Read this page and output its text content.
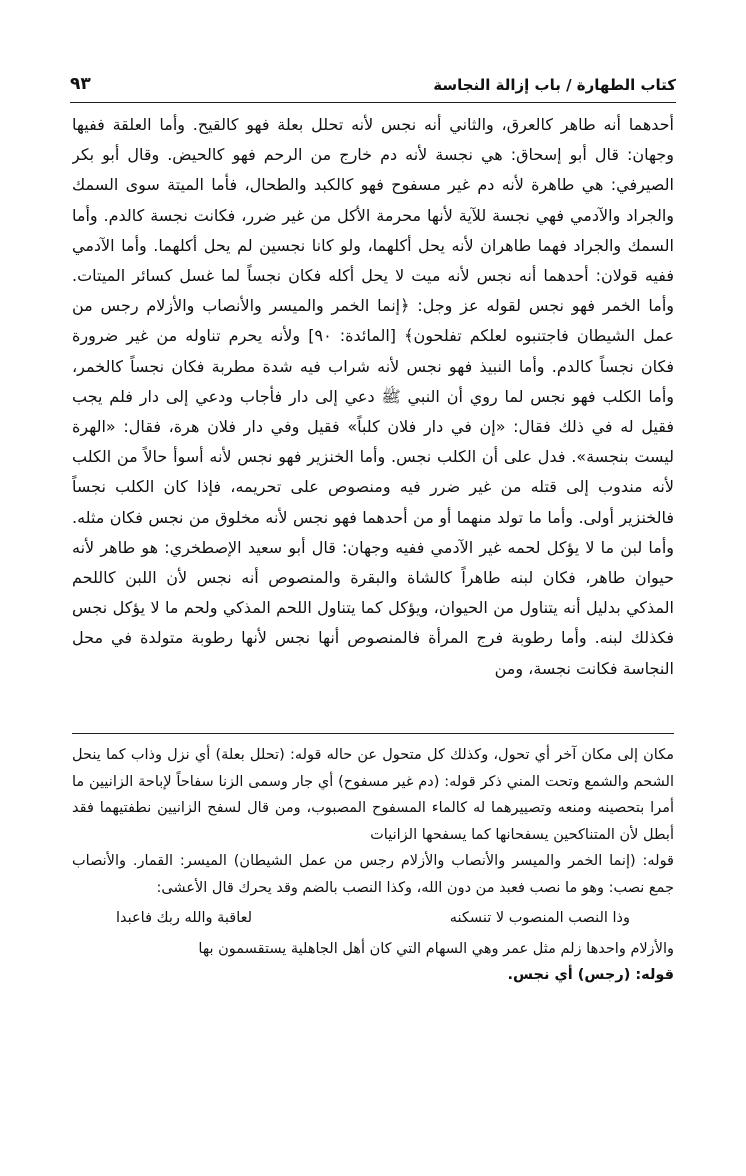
كتاب الطهارة / باب إزالة النجاسة
٩٣

أحدهما أنه طاهر كالعرق، والثاني أنه نجس لأنه تحلل بعلة فهو كالقيح. وأما العلقة ففيها وجهان: قال أبو إسحاق: هي نجسة لأنه دم خارج من الرحم فهو كالحيض. وقال أبو بكر الصيرفي: هي طاهرة لأنه دم غير مسفوح فهو كالكبد والطحال، فأما الميتة سوى السمك والجراد والآدمي فهي نجسة للآية لأنها محرمة الأكل من غير ضرر، فكانت نجسة كالدم. وأما السمك والجراد فهما طاهران لأنه يحل أكلهما، ولو كانا نجسين لم يحل أكلهما. وأما الآدمي ففيه قولان: أحدهما أنه نجس لأنه ميت لا يحل أكله فكان نجساً لما غسل كسائر الميتات. وأما الخمر فهو نجس لقوله عز وجل: ﴿إنما الخمر والميسر والأنصاب والأزلام رجس من عمل الشيطان فاجتنبوه لعلكم تفلحون﴾ [المائدة: ٩٠] ولأنه يحرم تناوله من غير ضرورة فكان نجساً كالدم. وأما النبيذ فهو نجس لأنه شراب فيه شدة مطربة فكان نجساً كالخمر، وأما الكلب فهو نجس لما روي أن النبي ﷺ دعي إلى دار فأجاب ودعي إلى دار فلم يجب فقيل له في ذلك فقال: «إن في دار فلان كلباً» فقيل وفي دار فلان هرة، فقال: «الهرة ليست بنجسة». فدل على أن الكلب نجس. وأما الخنزير فهو نجس لأنه أسوأ حالاً من الكلب لأنه مندوب إلى قتله من غير ضرر فيه ومنصوص على تحريمه، فإذا كان الكلب نجساً فالخنزير أولى. وأما ما تولد منهما أو من أحدهما فهو نجس لأنه مخلوق من نجس فكان مثله. وأما لبن ما لا يؤكل لحمه غير الآدمي ففيه وجهان: قال أبو سعيد الإصطخري: هو طاهر لأنه حيوان طاهر، فكان لبنه طاهراً كالشاة والبقرة والمنصوص أنه نجس لأن اللبن كاللحم المذكي بدليل أنه يتناول من الحيوان، ويؤكل كما يتناول اللحم المذكي ولحم ما لا يؤكل نجس فكذلك لبنه. وأما رطوبة فرج المرأة فالمنصوص أنها نجس لأنها رطوبة متولدة في محل النجاسة فكانت نجسة، ومن

مكان إلى مكان آخر أي تحول، وكذلك كل متحول عن حاله قوله: (تحلل بعلة) أي نزل وذاب كما ينحل الشحم والشمع وتحت المني ذكر قوله: (دم غير مسفوح) أي جار وسمى الزنا سفاحاً لإباحة الزانيين ما أمرا بتحصينه ومنعه وتصييرهما له كالماء المسفوح المصبوب، ومن قال لسفح الزانيين نطفتيهما فقد أبطل لأن المتناكحين يسفحانها كما يسفحها الزانيات

قوله: (إنما الخمر والميسر والأنصاب والأزلام رجس من عمل الشيطان) الميسر: القمار. والأنصاب جمع نصب: وهو ما نصب فعبد من دون الله، وكذا النصب بالضم وقد يحرك قال الأعشى:

وذا النصب المنصوب لا تنسكنه
لعاقبة والله ربك فاعبدا

والأزلام واحدها زلم مثل عمر وهي السهام التي كان أهل الجاهلية يستقسمون بها

قوله: (رجس) أي نجس.
